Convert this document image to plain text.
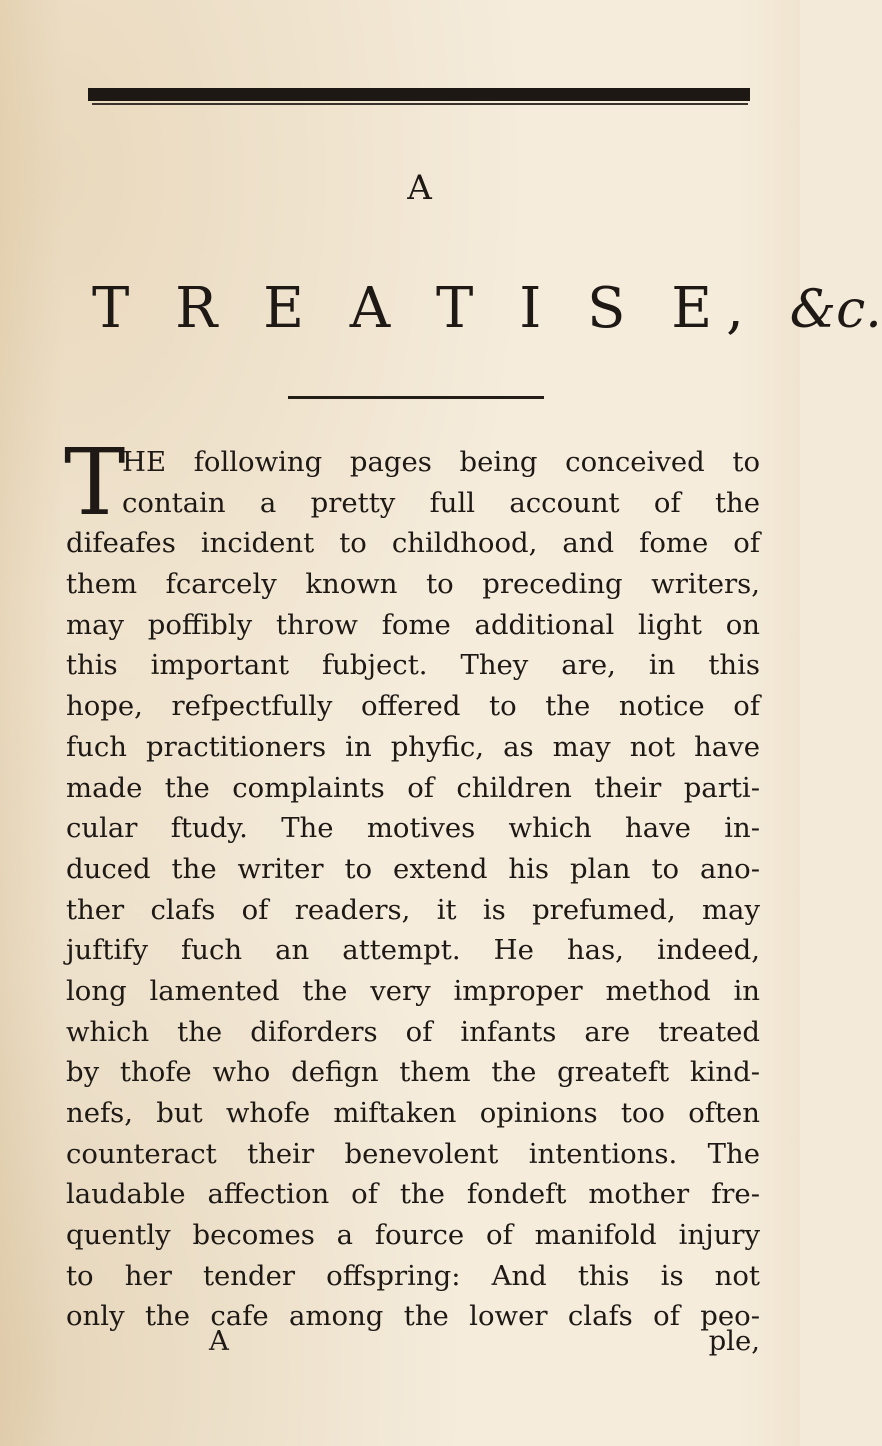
A
T R E A T I S E, &c.
T
HE following pages being conceived to
contain a pretty full account of the
difeafes incident to childhood, and fome of
them fcarcely known to preceding writers,
may poffibly throw fome additional light on
this important fubject. They are, in this
hope, refpectfully offered to the notice of
fuch practitioners in phyfic, as may not have
made the complaints of children their parti-
cular ftudy. The motives which have in-
duced the writer to extend his plan to ano-
ther clafs of readers, it is prefumed, may
juftify fuch an attempt. He has, indeed,
long lamented the very improper method in
which the diforders of infants are treated
by thofe who defign them the greateft kind-
nefs, but whofe miftaken opinions too often
counteract their benevolent intentions. The
laudable affection of the fondeft mother fre-
quently becomes a fource of manifold injury
to her tender offspring: And this is not
only the cafe among the lower clafs of peo-
A	ple,
